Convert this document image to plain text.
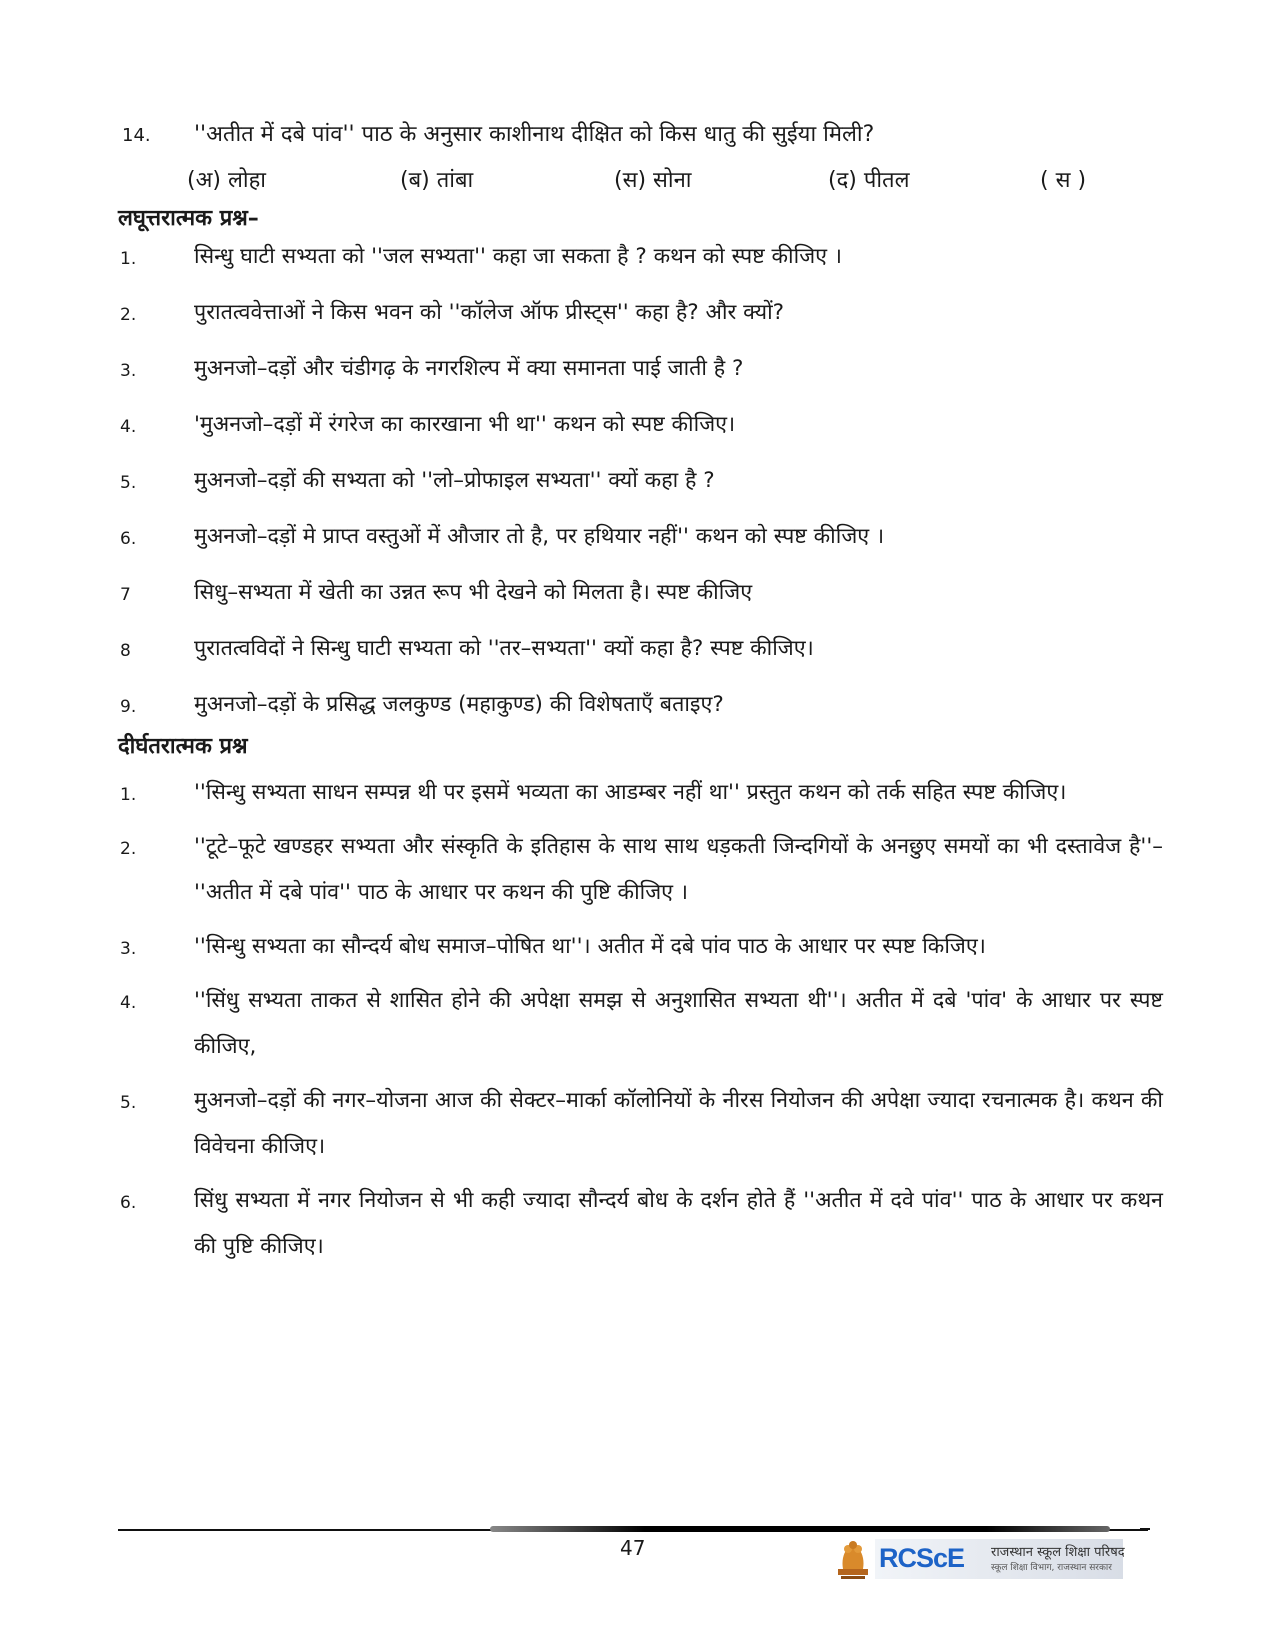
14. ''अतीत में दबे पांव'' पाठ के अनुसार काशीनाथ दीक्षित को किस धातु की सुईया मिली?
(अ) लोहा	(ब) तांबा	(स) सोना	(द) पीतल	( स )
लघूत्तरात्मक प्रश्न–
1.	सिन्धु घाटी सभ्यता को ''जल सभ्यता'' कहा जा सकता है ? कथन को स्पष्ट कीजिए ।
2.	पुरातत्ववेत्ताओं ने किस भवन को ''कॉलेज ऑफ प्रीस्ट्स'' कहा है? और क्यों?
3.	मुअनजो–दड़ों और चंडीगढ़ के नगरशिल्प में क्या समानता पाई जाती है ?
4.	'मुअनजो–दड़ों में रंगरेज का कारखाना भी था'' कथन को स्पष्ट कीजिए।
5.	मुअनजो–दड़ों की सभ्यता को ''लो–प्रोफाइल सभ्यता'' क्यों कहा है ?
6.	मुअनजो–दड़ों मे प्राप्त वस्तुओं में औजार तो है, पर हथियार नहीं'' कथन को स्पष्ट कीजिए ।
7	सिधु–सभ्यता में खेती का उन्नत रूप भी देखने को मिलता है। स्पष्ट कीजिए
8	पुरातत्वविदों ने सिन्धु घाटी सभ्यता को ''तर–सभ्यता'' क्यों कहा है? स्पष्ट कीजिए।
9.	मुअनजो–दड़ों के प्रसिद्ध जलकुण्ड (महाकुण्ड) की विशेषताएँ बताइए?
दीर्घतरात्मक प्रश्न
1.	''सिन्धु सभ्यता साधन सम्पन्न थी पर इसमें भव्यता का आडम्बर नहीं था'' प्रस्तुत कथन को तर्क सहित स्पष्ट कीजिए।
2.	''टूटे–फूटे खण्डहर सभ्यता और संस्कृति के इतिहास के साथ साथ धड़कती जिन्दगियों के अनछुए समयों का भी दस्तावेज है''– ''अतीत में दबे पांव'' पाठ के आधार पर कथन की पुष्टि कीजिए ।
3.	''सिन्धु सभ्यता का सौन्दर्य बोध समाज–पोषित था''। अतीत में दबे पांव पाठ के आधार पर स्पष्ट किजिए।
4.	''सिंधु सभ्यता ताकत से शासित होने की अपेक्षा समझ से अनुशासित सभ्यता थी''। अतीत में दबे 'पांव' के आधार पर स्पष्ट कीजिए,
5.	मुअनजो–दड़ों की नगर–योजना आज की सेक्टर–मार्का कॉलोनियों के नीरस नियोजन की अपेक्षा ज्यादा रचनात्मक है। कथन की विवेचना कीजिए।
6.	सिंधु सभ्यता में नगर नियोजन से भी कही ज्यादा सौन्दर्य बोध के दर्शन होते हैं ''अतीत में दवे पांव'' पाठ के आधार पर कथन की पुष्टि कीजिए।
47	RCScE राजस्थान स्कूल शिक्षा परिषद
स्कूल शिक्षा विभाग, राजस्थान सरकार
